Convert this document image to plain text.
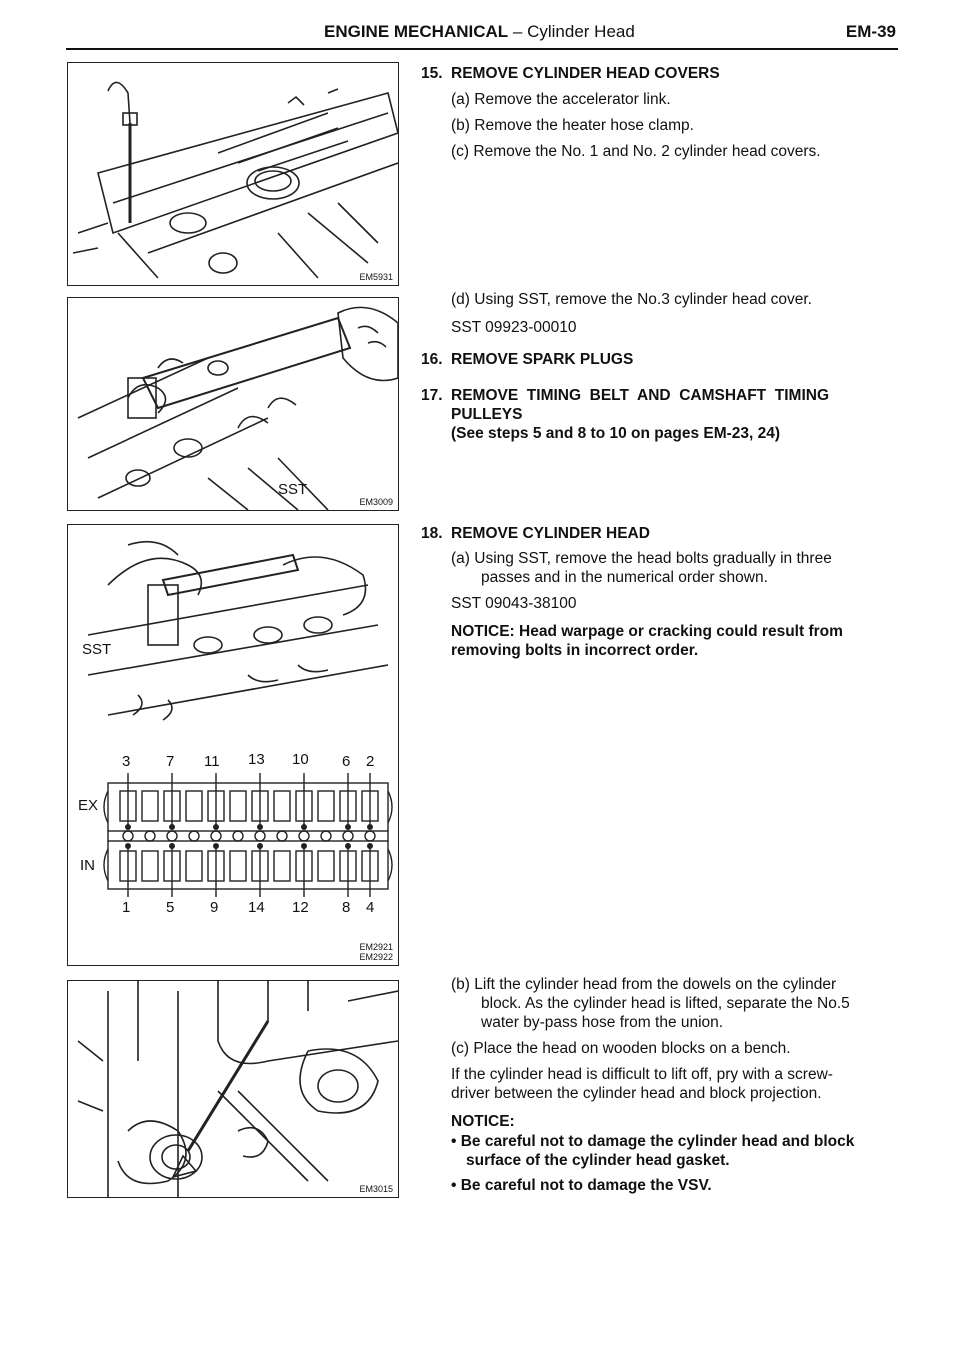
ENGINE MECHANICAL – Cylinder Head	EM-39
EM5931
SST
EM3009
SST
EX
IN
3 7 11 13 10 6 2
1 5 9 14 12 8 4
EM2921
EM2922
EM3015
15. REMOVE CYLINDER HEAD COVERS
(a) Remove the accelerator link.
(b) Remove the heater hose clamp.
(c) Remove the No. 1 and No. 2 cylinder head covers.
(d) Using SST, remove the No.3 cylinder head cover.
SST 09923-00010
16. REMOVE SPARK PLUGS
17. REMOVE  TIMING  BELT  AND  CAMSHAFT  TIMING
PULLEYS
(See steps 5 and 8 to 10 on pages EM-23, 24)
18. REMOVE CYLINDER HEAD
(a) Using SST, remove the head bolts gradually in three
passes and in the numerical order shown.
SST 09043-38100
NOTICE: Head warpage or cracking could result from
removing bolts in incorrect order.
(b) Lift the cylinder head from the dowels on the cylinder
block. As the cylinder head is lifted, separate the No.5
water by-pass hose from the union.
(c) Place the head on wooden blocks on a bench.
If the cylinder head is difficult to lift off, pry with a screw-
driver between the cylinder head and block projection.
NOTICE:
• Be careful not to damage the cylinder head and block
surface of the cylinder head gasket.
• Be careful not to damage the VSV.
